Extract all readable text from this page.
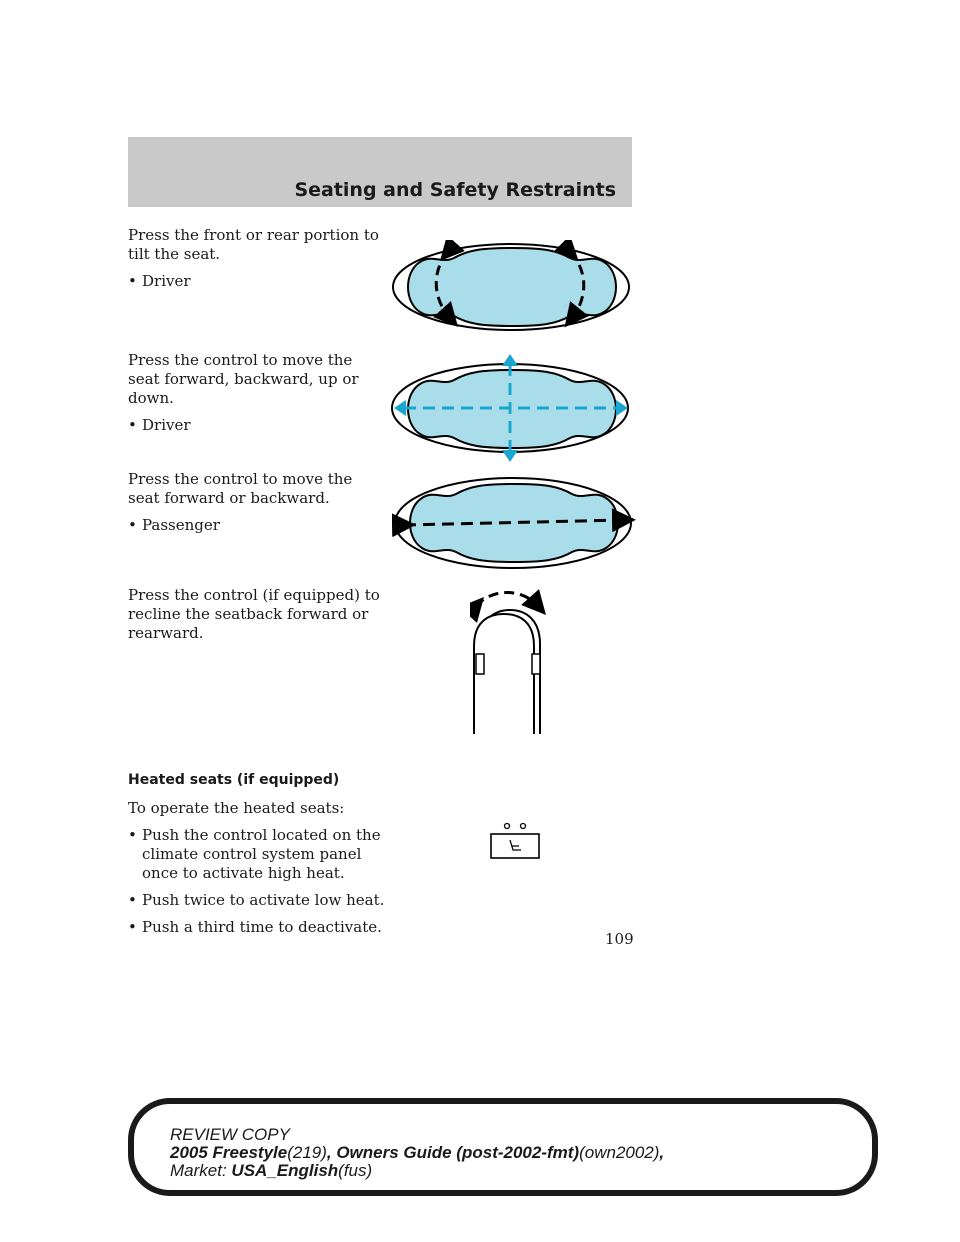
Seating and Safety Restraints

Press the front or rear portion to tilt the seat.

• Driver

Press the control to move the seat forward, backward, up or down.

• Driver

Press the control to move the seat forward or backward.

• Passenger

Press the control (if equipped) to recline the seatback forward or rearward.

Heated seats (if equipped)

To operate the heated seats:

• Push the control located on the climate control system panel once to activate high heat.
• Push twice to activate low heat.
• Push a third time to deactivate.
109
REVIEW COPY
2005 Freestyle(219), Owners Guide (post-2002-fmt)(own2002),
Market: USA_English(fus)
